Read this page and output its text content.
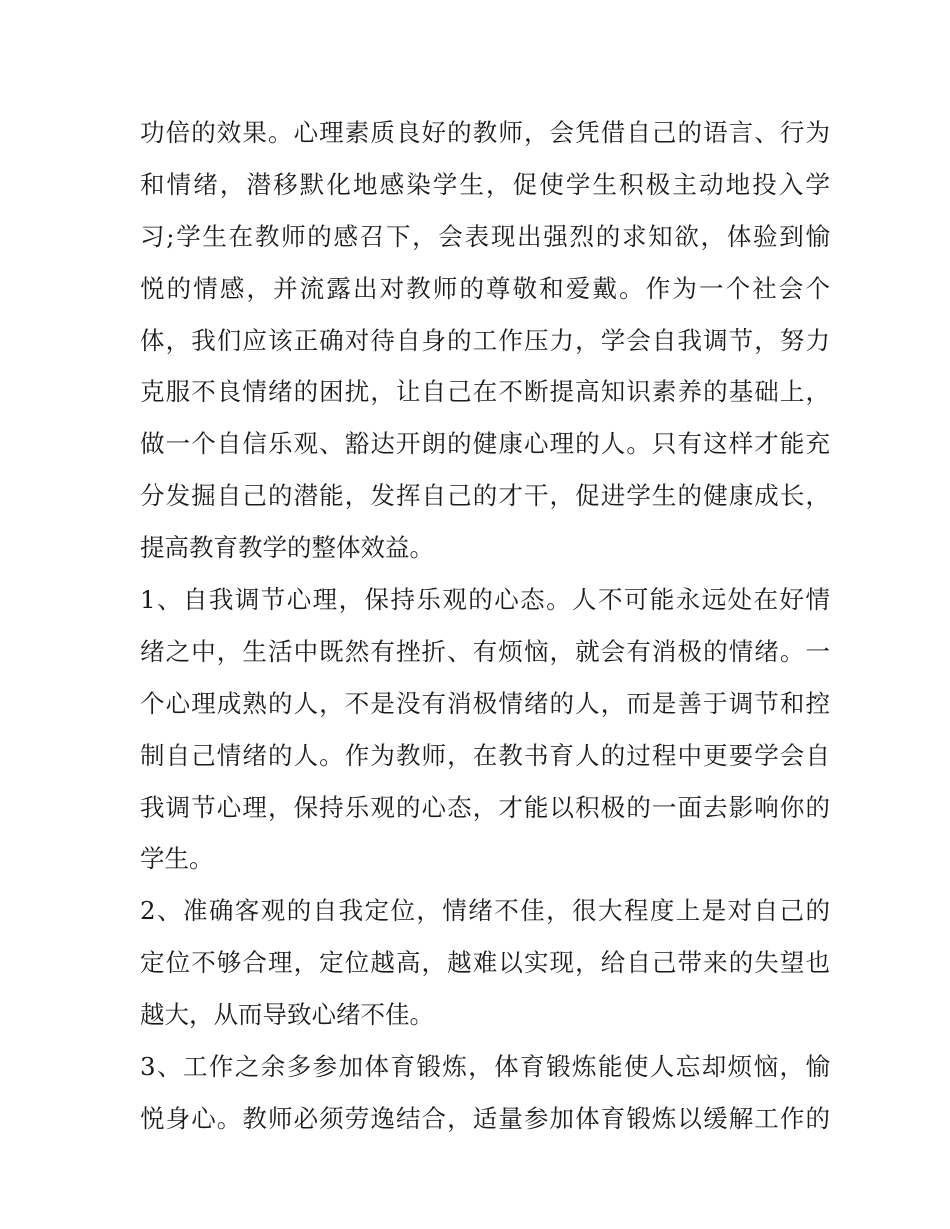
功倍的效果。心理素质良好的教师，会凭借自己的语言、行为
和情绪，潜移默化地感染学生，促使学生积极主动地投入学
习;学生在教师的感召下，会表现出强烈的求知欲，体验到愉
悦的情感，并流露出对教师的尊敬和爱戴。作为一个社会个
体，我们应该正确对待自身的工作压力，学会自我调节，努力
克服不良情绪的困扰，让自己在不断提高知识素养的基础上，
做一个自信乐观、豁达开朗的健康心理的人。只有这样才能充
分发掘自己的潜能，发挥自己的才干，促进学生的健康成长，
提高教育教学的整体效益。
1、自我调节心理，保持乐观的心态。人不可能永远处在好情
绪之中，生活中既然有挫折、有烦恼，就会有消极的情绪。一
个心理成熟的人，不是没有消极情绪的人，而是善于调节和控
制自己情绪的人。作为教师，在教书育人的过程中更要学会自
我调节心理，保持乐观的心态，才能以积极的一面去影响你的
学生。
2、准确客观的自我定位，情绪不佳，很大程度上是对自己的
定位不够合理，定位越高，越难以实现，给自己带来的失望也
越大，从而导致心绪不佳。
3、工作之余多参加体育锻炼，体育锻炼能使人忘却烦恼，愉
悦身心。教师必须劳逸结合，适量参加体育锻炼以缓解工作的
